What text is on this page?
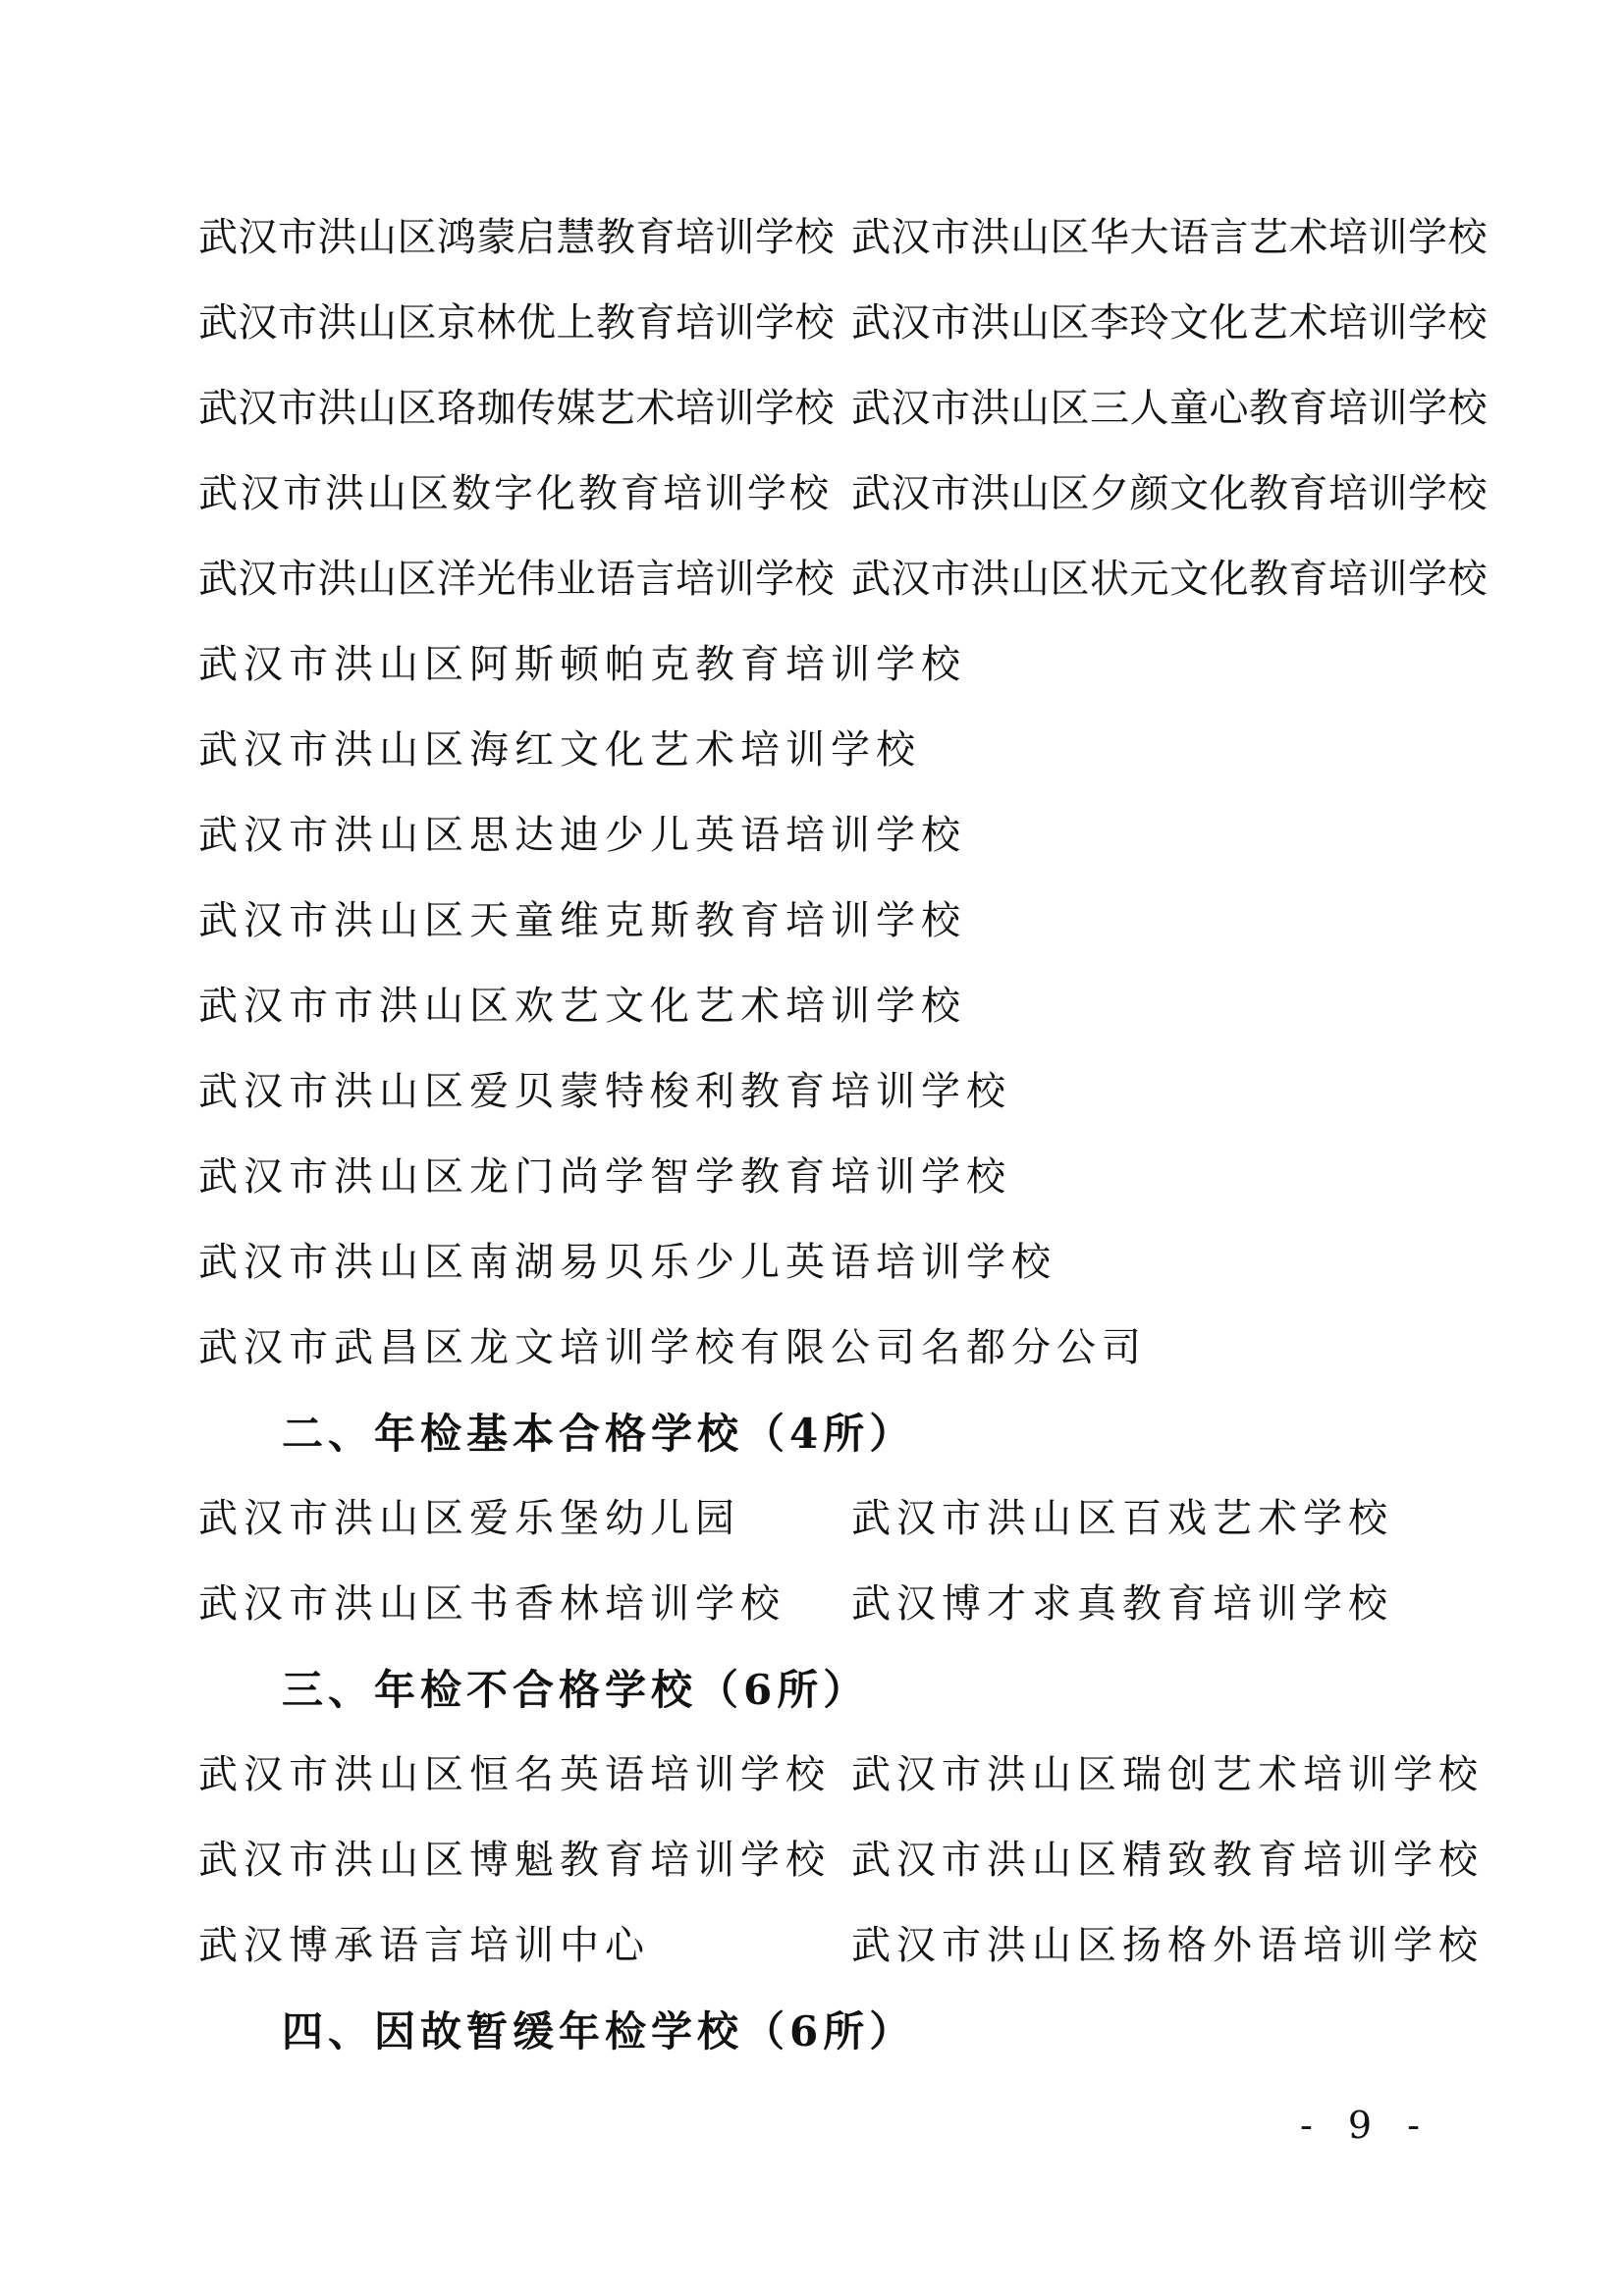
武汉市洪山区鸿蒙启慧教育培训学校 武汉市洪山区华大语言艺术培训学校
武汉市洪山区京林优上教育培训学校 武汉市洪山区李玲文化艺术培训学校
武汉市洪山区珞珈传媒艺术培训学校 武汉市洪山区三人童心教育培训学校
武汉市洪山区数字化教育培训学校 武汉市洪山区夕颜文化教育培训学校
武汉市洪山区洋光伟业语言培训学校 武汉市洪山区状元文化教育培训学校
武汉市洪山区阿斯顿帕克教育培训学校
武汉市洪山区海红文化艺术培训学校
武汉市洪山区思达迪少儿英语培训学校
武汉市洪山区天童维克斯教育培训学校
武汉市市洪山区欢艺文化艺术培训学校
武汉市洪山区爱贝蒙特梭利教育培训学校
武汉市洪山区龙门尚学智学教育培训学校
武汉市洪山区南湖易贝乐少儿英语培训学校
武汉市武昌区龙文培训学校有限公司名都分公司
二、年检基本合格学校（4所）
武汉市洪山区爱乐堡幼儿园	武汉市洪山区百戏艺术学校
武汉市洪山区书香林培训学校 武汉博才求真教育培训学校
三、年检不合格学校（6所）
武汉市洪山区恒名英语培训学校 武汉市洪山区瑞创艺术培训学校
武汉市洪山区博魁教育培训学校 武汉市洪山区精致教育培训学校
武汉博承语言培训中心	武汉市洪山区扬格外语培训学校
四、因故暂缓年检学校（6所）
- 9 -
